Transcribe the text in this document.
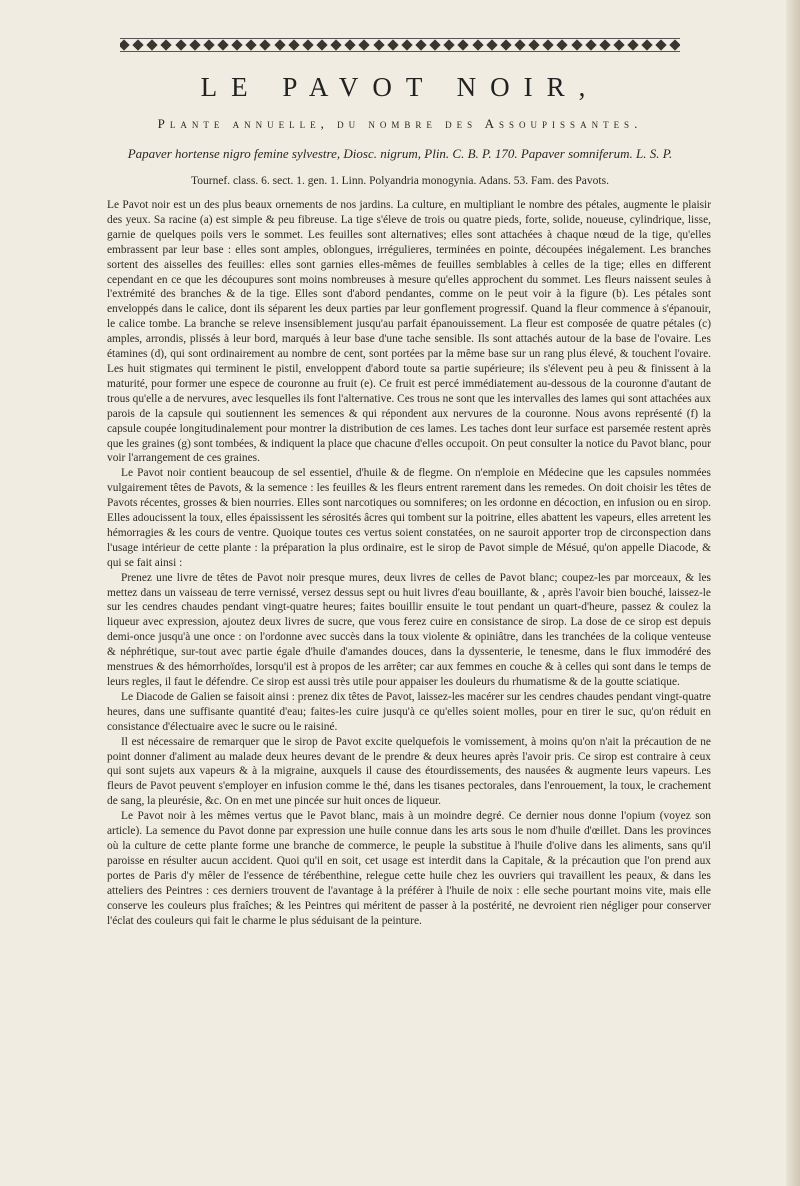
LE PAVOT NOIR,
Plante annuelle, du nombre des Assoupissantes.
Papaver hortense nigro femine sylvestre, Diosc. nigrum, Plin. C. B. P. 170. Papaver somniferum. L. S. P.
Tournef. class. 6. sect. 1. gen. 1. Linn. Polyandria monogynia. Adans. 53. Fam. des Pavots.

Le Pavot noir est un des plus beaux ornements de nos jardins. La culture, en multipliant le nombre des pétales, augmente le plaisir des yeux. Sa racine (a) est simple & peu fibreuse. La tige s'éleve de trois ou quatre pieds, forte, solide, noueuse, cylindrique, lisse, garnie de quelques poils vers le sommet. Les feuilles sont alternatives; elles sont attachées à chaque nœud de la tige, qu'elles embrassent par leur base : elles sont amples, oblongues, irrégulieres, terminées en pointe, découpées inégalement. Les branches sortent des aisselles des feuilles: elles sont garnies elles-mêmes de feuilles semblables à celles de la tige; elles en different cependant en ce que les découpures sont moins nombreuses à mesure qu'elles approchent du sommet. Les fleurs naissent seules à l'extrémité des branches & de la tige. Elles sont d'abord pendantes, comme on le peut voir à la figure (b). Les pétales sont enveloppés dans le calice, dont ils séparent les deux parties par leur gonflement progressif. Quand la fleur commence à s'épanouir, le calice tombe. La branche se releve insensiblement jusqu'au parfait épanouissement. La fleur est composée de quatre pétales (c) amples, arrondis, plissés à leur bord, marqués à leur base d'une tache sensible. Ils sont attachés autour de la base de l'ovaire. Les étamines (d), qui sont ordinairement au nombre de cent, sont portées par la même base sur un rang plus élevé, & touchent l'ovaire. Les huit stigmates qui terminent le pistil, enveloppent d'abord toute sa partie supérieure; ils s'élevent peu à peu & finissent à la maturité, pour former une espece de couronne au fruit (e). Ce fruit est percé immédiatement au-dessous de la couronne d'autant de trous qu'elle a de nervures, avec lesquelles ils font l'alternative. Ces trous ne sont que les intervalles des lames qui sont attachées aux parois de la capsule qui soutiennent les semences & qui répondent aux nervures de la couronne. Nous avons représenté (f) la capsule coupée longitudinalement pour montrer la distribution de ces lames. Les taches dont leur surface est parsemée restent après que les graines (g) sont tombées, & indiquent la place que chacune d'elles occupoit. On peut consulter la notice du Pavot blanc, pour voir l'arrangement de ces graines.

Le Pavot noir contient beaucoup de sel essentiel, d'huile & de flegme. On n'emploie en Médecine que les capsules nommées vulgairement têtes de Pavots, & la semence : les feuilles & les fleurs entrent rarement dans les remedes. On doit choisir les têtes de Pavots récentes, grosses & bien nourries. Elles sont narcotiques ou somniferes; on les ordonne en décoction, en infusion ou en sirop. Elles adoucissent la toux, elles épaississent les sérosités âcres qui tombent sur la poitrine, elles abattent les vapeurs, elles arretent les hémorragies & les cours de ventre. Quoique toutes ces vertus soient constatées, on ne sauroit apporter trop de circonspection dans l'usage intérieur de cette plante : la préparation la plus ordinaire, est le sirop de Pavot simple de Mésué, qu'on appelle Diacode, & qui se fait ainsi :

Prenez une livre de têtes de Pavot noir presque mures, deux livres de celles de Pavot blanc; coupez-les par morceaux, & les mettez dans un vaisseau de terre vernissé, versez dessus sept ou huit livres d'eau bouillante, & , après l'avoir bien bouché, laissez-le sur les cendres chaudes pendant vingt-quatre heures; faites bouillir ensuite le tout pendant un quart-d'heure, passez & coulez la liqueur avec expression, ajoutez deux livres de sucre, que vous ferez cuire en consistance de sirop. La dose de ce sirop est depuis demi-once jusqu'à une once : on l'ordonne avec succès dans la toux violente & opiniâtre, dans les tranchées de la colique venteuse & néphrétique, sur-tout avec partie égale d'huile d'amandes douces, dans la dyssenterie, le tenesme, dans le flux immodéré des menstrues & des hémorrhoïdes, lorsqu'il est à propos de les arrêter; car aux femmes en couche & à celles qui sont dans le temps de leurs regles, il faut le défendre. Ce sirop est aussi très utile pour appaiser les douleurs du rhumatisme & de la goutte sciatique.

Le Diacode de Galien se faisoit ainsi : prenez dix têtes de Pavot, laissez-les macérer sur les cendres chaudes pendant vingt-quatre heures, dans une suffisante quantité d'eau; faites-les cuire jusqu'à ce qu'elles soient molles, pour en tirer le suc, qu'on réduit en consistance d'électuaire avec le sucre ou le raisiné.

Il est nécessaire de remarquer que le sirop de Pavot excite quelquefois le vomissement, à moins qu'on n'ait la précaution de ne point donner d'aliment au malade deux heures devant de le prendre & deux heures après l'avoir pris. Ce sirop est contraire à ceux qui sont sujets aux vapeurs & à la migraine, auxquels il cause des étourdissements, des nausées & augmente leurs vapeurs. Les fleurs de Pavot peuvent s'employer en infusion comme le thé, dans les tisanes pectorales, dans l'enrouement, la toux, le crachement de sang, la pleurésie, &c. On en met une pincée sur huit onces de liqueur.

Le Pavot noir à les mêmes vertus que le Pavot blanc, mais à un moindre degré. Ce dernier nous donne l'opium (voyez son article). La semence du Pavot donne par expression une huile connue dans les arts sous le nom d'huile d'œillet. Dans les provinces où la culture de cette plante forme une branche de commerce, le peuple la substitue à l'huile d'olive dans les aliments, sans qu'il paroisse en résulter aucun accident. Quoi qu'il en soit, cet usage est interdit dans la Capitale, & la précaution que l'on prend aux portes de Paris d'y mêler de l'essence de térébenthine, relegue cette huile chez les ouvriers qui travaillent les peaux, & dans les atteliers des Peintres : ces derniers trouvent de l'avantage à la préférer à l'huile de noix : elle seche pourtant moins vite, mais elle conserve les couleurs plus fraîches; & les Peintres qui méritent de passer à la postérité, ne devroient rien négliger pour conserver l'éclat des couleurs qui fait le charme le plus séduisant de la peinture.
